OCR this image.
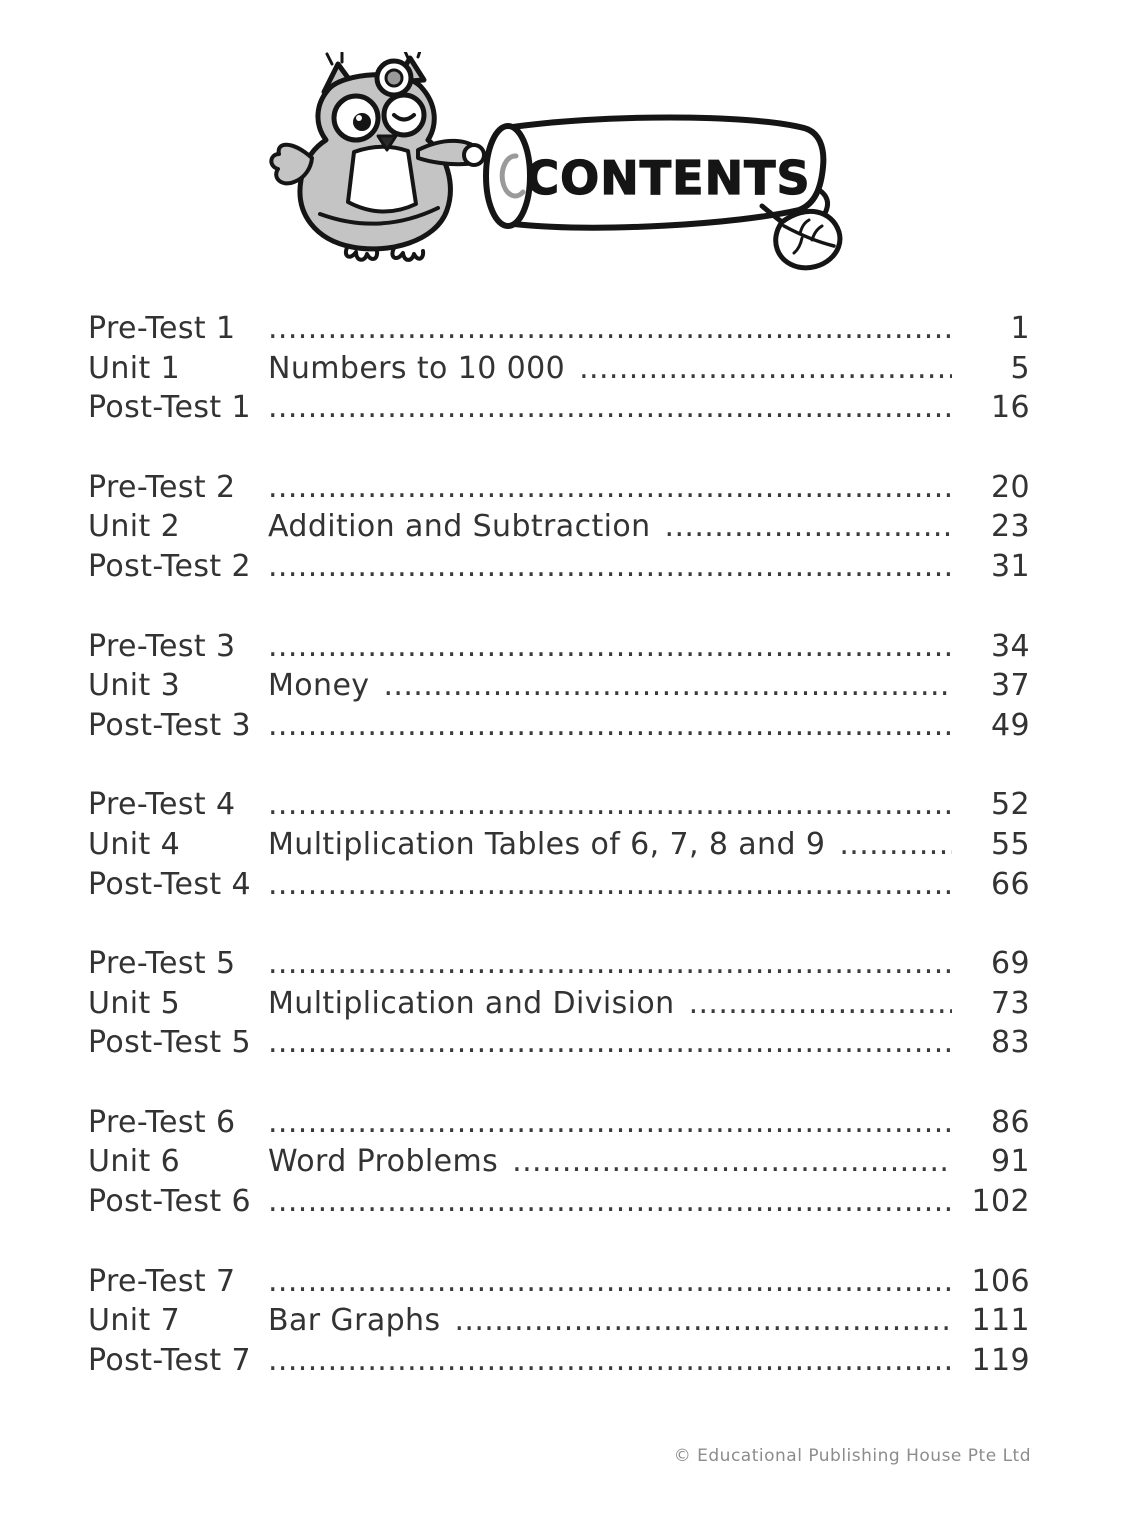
CONTENTS
Pre-Test 1 .....	1
Unit 1	Numbers to 10 000 .....	5
Post-Test 1 .....	16
Pre-Test 2 .....	20
Unit 2	Addition and Subtraction .....	23
Post-Test 2 .....	31
Pre-Test 3 .....	34
Unit 3	Money .....	37
Post-Test 3 .....	49
Pre-Test 4 .....	52
Unit 4	Multiplication Tables of 6, 7, 8 and 9 .....	55
Post-Test 4 .....	66
Pre-Test 5 .....	69
Unit 5	Multiplication and Division .....	73
Post-Test 5 .....	83
Pre-Test 6 .....	86
Unit 6	Word Problems .....	91
Post-Test 6 .....	102
Pre-Test 7 .....	106
Unit 7	Bar Graphs .....	111
Post-Test 7 .....	119
© Educational Publishing House Pte Ltd
